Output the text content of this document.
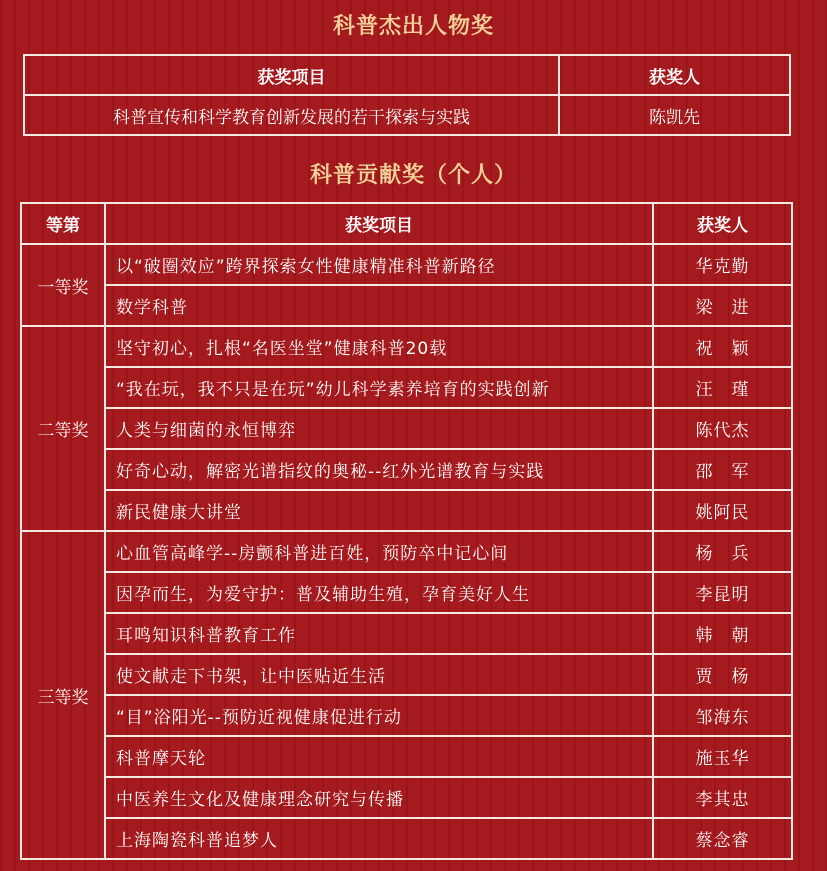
科普杰出人物奖
获奖项目	获奖人
科普宣传和科学教育创新发展的若干探索与实践	陈凯先
科普贡献奖（个人）
等第	获奖项目	获奖人
一等奖	以“破圈效应”跨界探索女性健康精准科普新路径	华克勤
	数学科普	梁　进
二等奖	坚守初心，扎根“名医坐堂”健康科普20载	祝　颖
	“我在玩，我不只是在玩”幼儿科学素养培育的实践创新	汪　瑾
	人类与细菌的永恒博弈	陈代杰
	好奇心动，解密光谱指纹的奥秘--红外光谱教育与实践	邵　军
	新民健康大讲堂	姚阿民
三等奖	心血管高峰学--房颤科普进百姓，预防卒中记心间	杨　兵
	因孕而生，为爱守护：普及辅助生殖，孕育美好人生	李昆明
	耳鸣知识科普教育工作	韩　朝
	使文献走下书架，让中医贴近生活	贾　杨
	“目”浴阳光--预防近视健康促进行动	邹海东
	科普摩天轮	施玉华
	中医养生文化及健康理念研究与传播	李其忠
	上海陶瓷科普追梦人	蔡念睿
